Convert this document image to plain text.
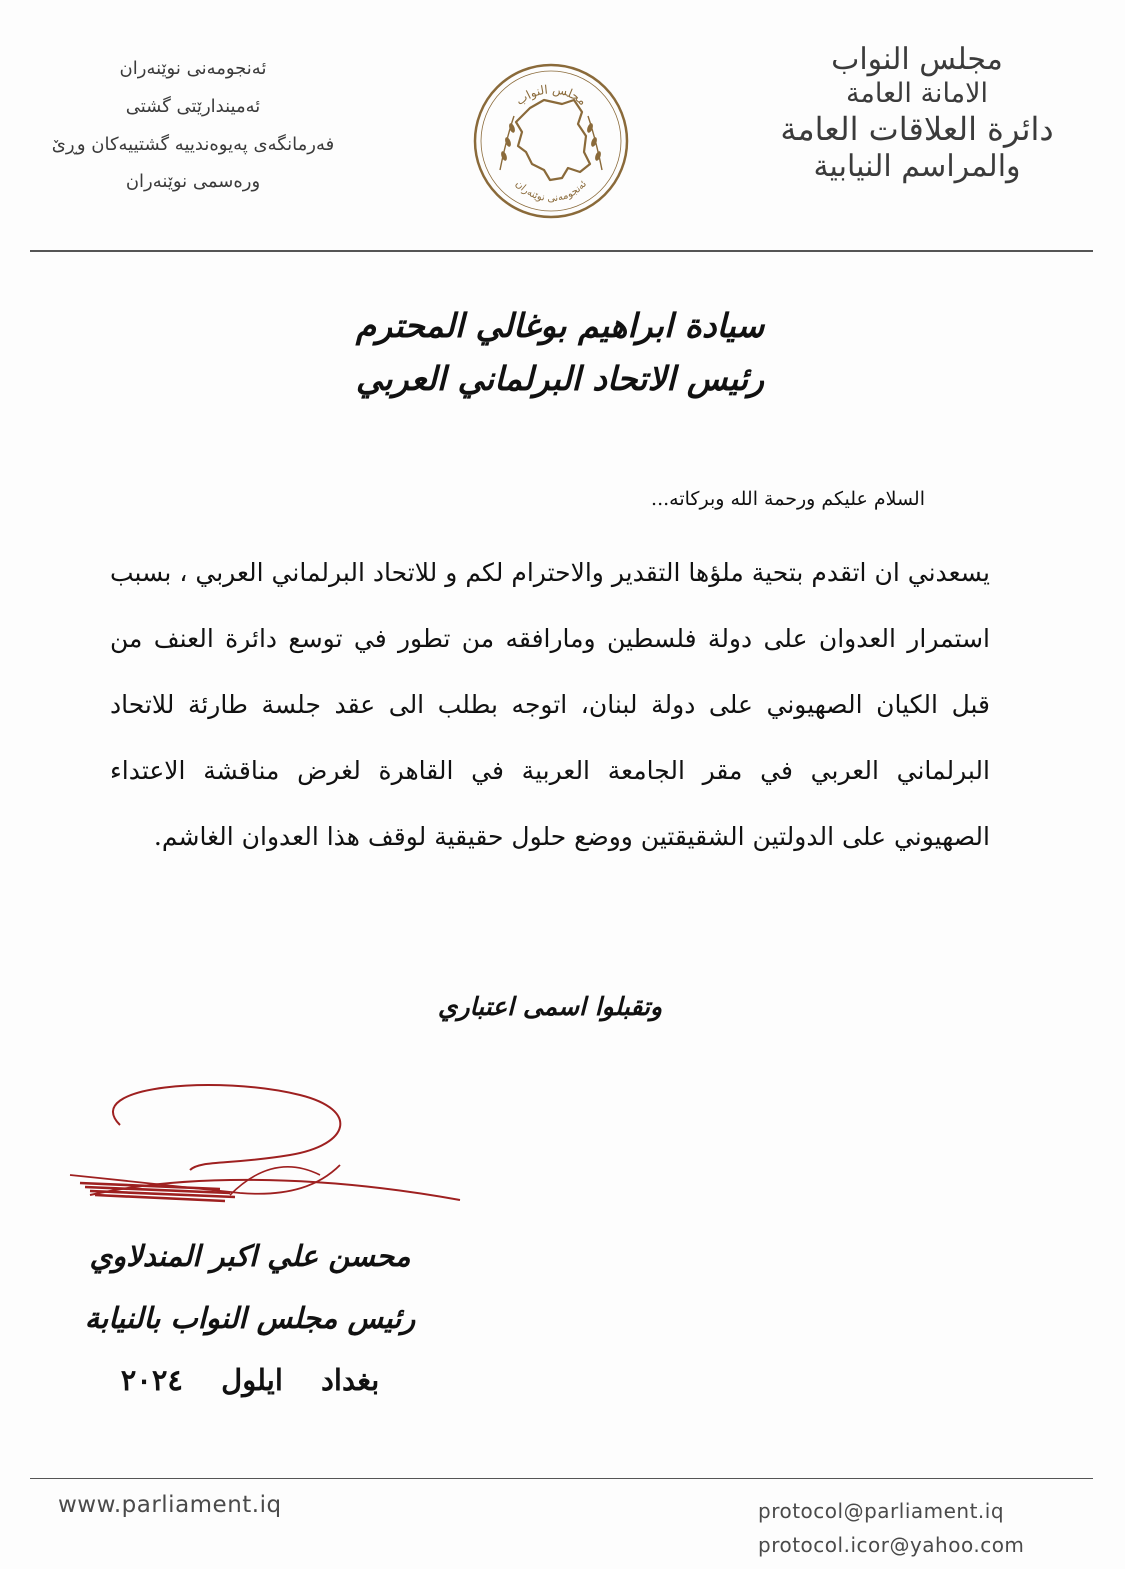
مجلس النواب
الامانة العامة
دائرة العلاقات العامة
والمراسم النيابية
مجلس النواب
ئەنجومەنی نوێنەران
ئەنجومەنی نوێنەران
ئەمیندارێتی گشتی
فەرمانگەی پەیوەندییە گشتییەکان وڕێ
ورەسمی نوێنەران
سيادة ابراهيم بوغالي المحترم
رئيس الاتحاد البرلماني العربي
السلام عليكم ورحمة الله وبركاته...
يسعدني ان اتقدم بتحية ملؤها التقدير والاحترام لكم و للاتحاد البرلماني العربي ، بسبب استمرار العدوان على دولة فلسطين ومارافقه من تطور في توسع دائرة العنف من قبل الكيان الصهيوني على دولة لبنان، اتوجه بطلب الى عقد جلسة طارئة للاتحاد البرلماني العربي في مقر الجامعة العربية في القاهرة لغرض مناقشة الاعتداء الصهيوني على الدولتين الشقيقتين ووضع حلول حقيقية لوقف هذا العدوان الغاشم.
وتقبلوا اسمى اعتباري
محسن علي اكبر المندلاوي
رئيس مجلس النواب بالنيابة
بغداد ايلول ٢٠٢٤
www.parliament.iq	protocol@parliament.iq
protocol.icor@yahoo.com
